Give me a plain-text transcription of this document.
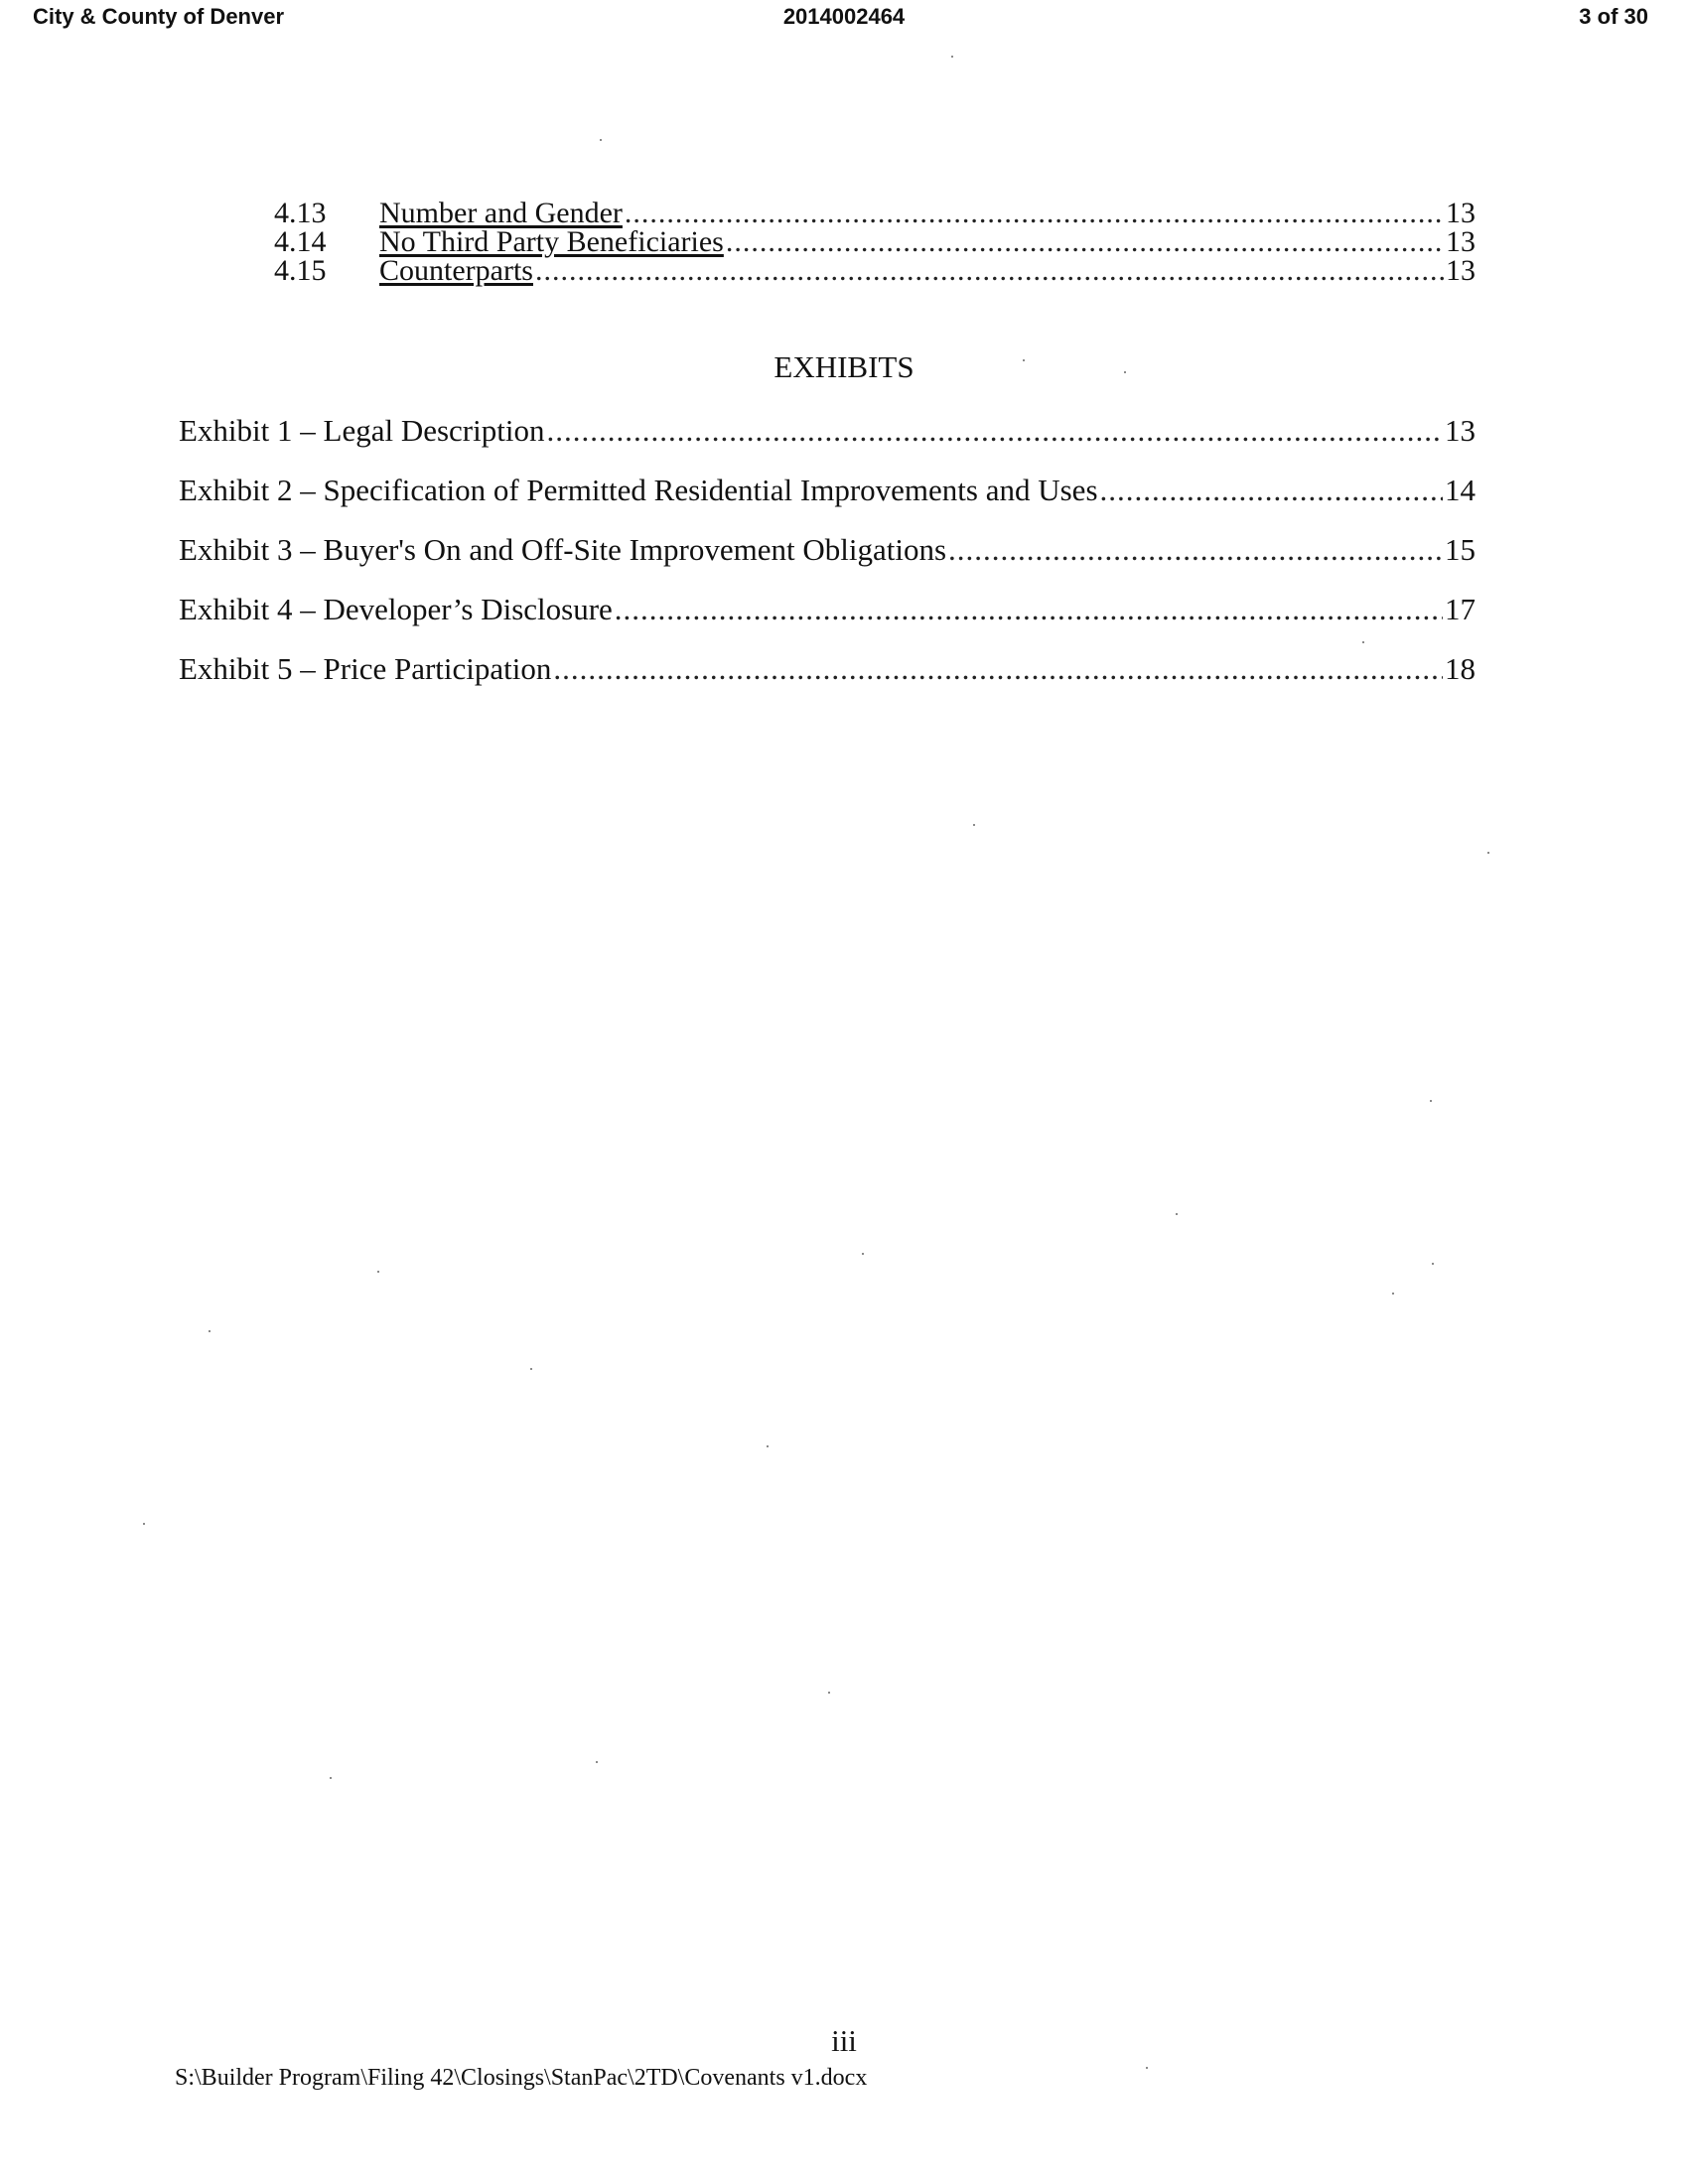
City & County of Denver	2014002464	3 of 30
4.13	Number and Gender .....	13
4.14	No Third Party Beneficiaries .....	13
4.15	Counterparts .....	13
EXHIBITS
Exhibit 1 – Legal Description .....	13
Exhibit 2 – Specification of Permitted Residential Improvements and Uses .....	14
Exhibit 3 – Buyer's On and Off-Site Improvement Obligations .....	15
Exhibit 4 – Developer’s Disclosure .....	17
Exhibit 5 – Price Participation .....	18
iii
S:\Builder Program\Filing 42\Closings\StanPac\2TD\Covenants v1.docx
